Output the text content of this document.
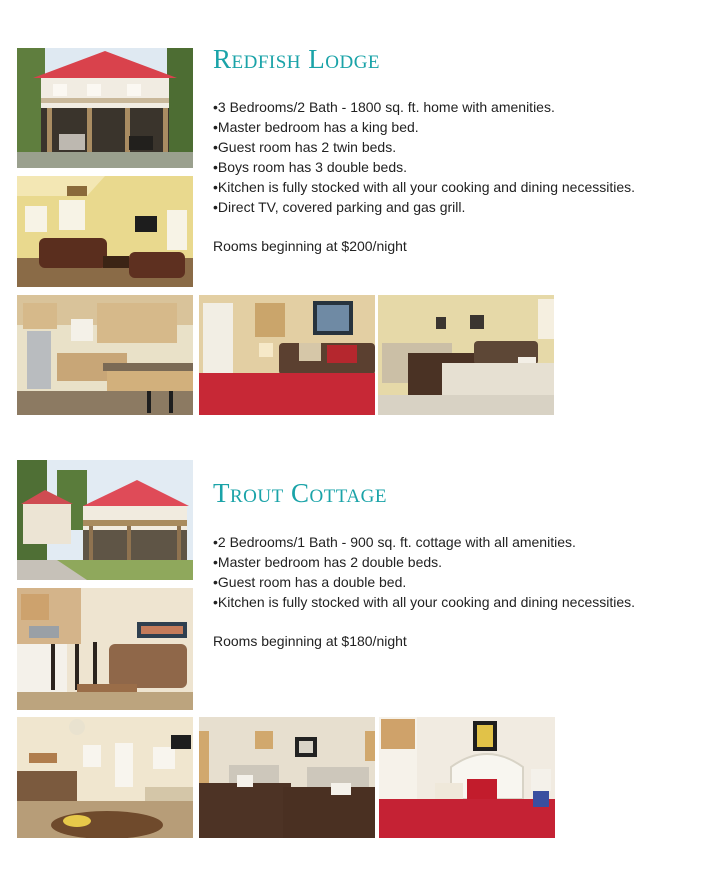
Redfish Lodge
• 3 Bedrooms/2 Bath - 1800 sq. ft. home with amenities.
• Master bedroom has a king bed.
• Guest room has 2 twin beds.
• Boys room has 3 double beds.
• Kitchen is fully stocked with all your cooking and dining necessities.
• Direct TV, covered parking and gas grill.

Rooms beginning at $200/night

Trout Cottage
• 2 Bedrooms/1 Bath - 900 sq. ft. cottage with all amenities.
• Master bedroom has 2 double beds.
• Guest room has a double bed.
• Kitchen is fully stocked with all your cooking and dining necessities.

Rooms beginning at $180/night
